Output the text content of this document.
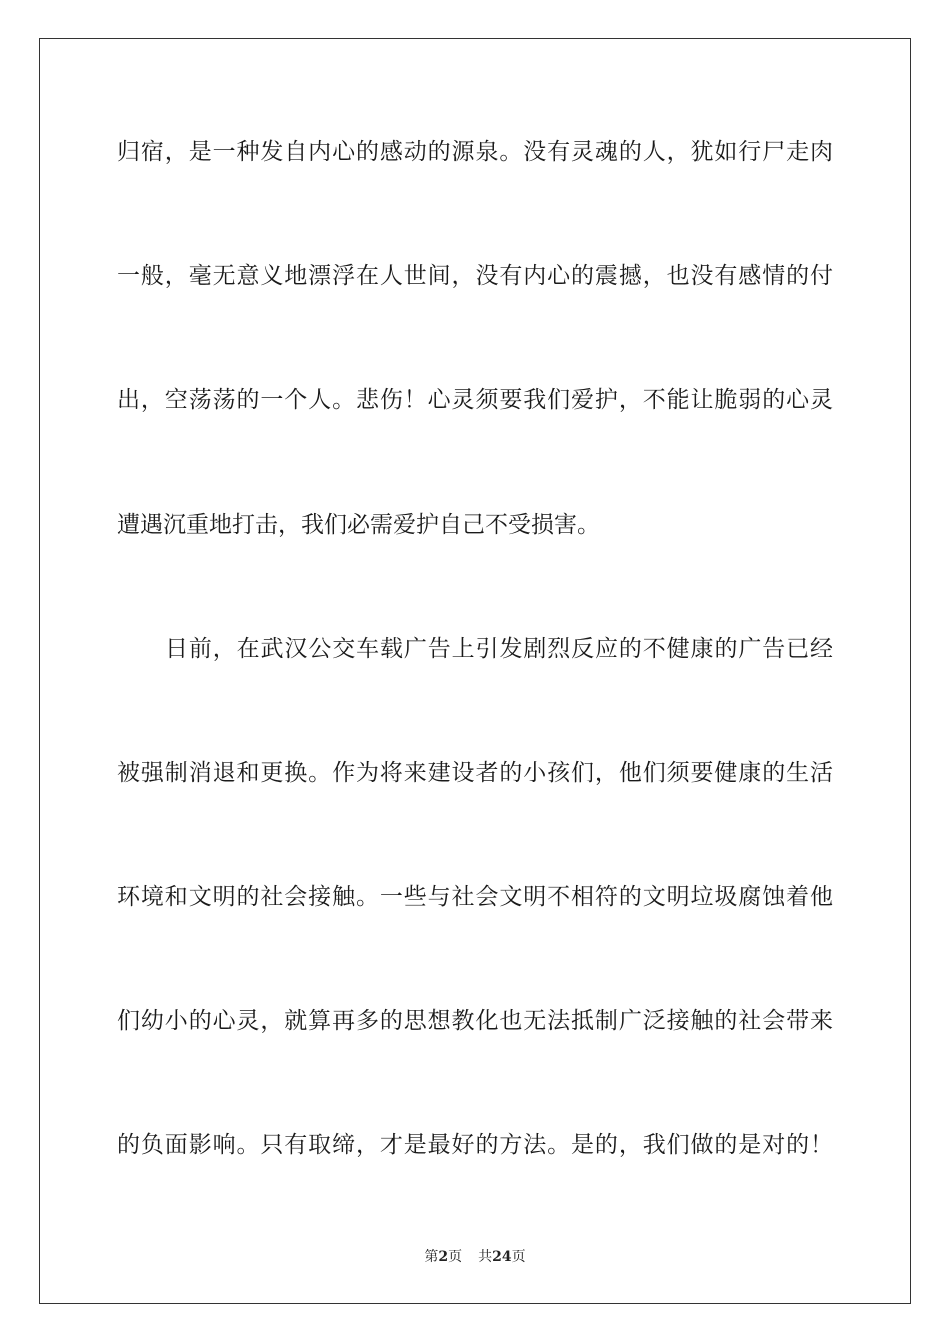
归宿，是一种发自内心的感动的源泉。没有灵魂的人，犹如行尸走肉
一般，毫无意义地漂浮在人世间，没有内心的震撼，也没有感情的付
出，空荡荡的一个人。悲伤！心灵须要我们爱护，不能让脆弱的心灵
遭遇沉重地打击，我们必需爱护自己不受损害。
日前，在武汉公交车载广告上引发剧烈反应的不健康的广告已经
被强制消退和更换。作为将来建设者的小孩们，他们须要健康的生活
环境和文明的社会接触。一些与社会文明不相符的文明垃圾腐蚀着他
们幼小的心灵，就算再多的思想教化也无法抵制广泛接触的社会带来
的负面影响。只有取缔，才是最好的方法。是的，我们做的是对的！
第2页 共24页
